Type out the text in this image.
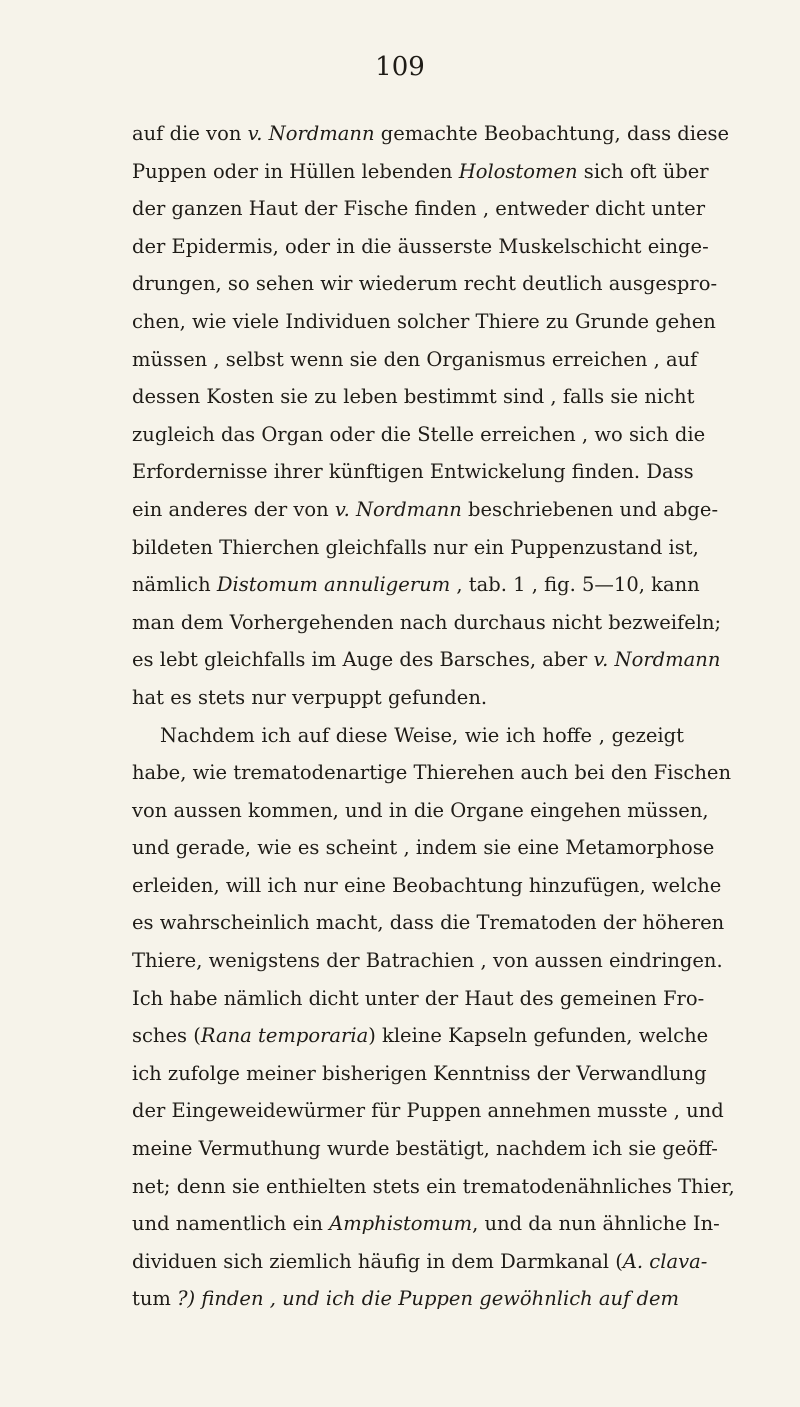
109
auf die von v. Nordmann gemachte Beobachtung, dass diese
Puppen oder in Hüllen lebenden Holostomen sich oft über
der ganzen Haut der Fische finden , entweder dicht unter
der Epidermis, oder in die äusserste Muskelschicht einge-
drungen, so sehen wir wiederum recht deutlich ausgespro-
chen, wie viele Individuen solcher Thiere zu Grunde gehen
müssen , selbst wenn sie den Organismus erreichen , auf
dessen Kosten sie zu leben bestimmt sind , falls sie nicht
zugleich das Organ oder die Stelle erreichen , wo sich die
Erfordernisse ihrer künftigen Entwickelung finden. Dass
ein anderes der von v. Nordmann beschriebenen und abge-
bildeten Thierchen gleichfalls nur ein Puppenzustand ist,
nämlich Distomum annuligerum , tab. 1 , fig. 5—10, kann
man dem Vorhergehenden nach durchaus nicht bezweifeln;
es lebt gleichfalls im Auge des Barsches, aber v. Nordmann
hat es stets nur verpuppt gefunden.
Nachdem ich auf diese Weise, wie ich hoffe , gezeigt
habe, wie trematodenartige Thierehen auch bei den Fischen
von aussen kommen, und in die Organe eingehen müssen,
und gerade, wie es scheint , indem sie eine Metamorphose
erleiden, will ich nur eine Beobachtung hinzufügen, welche
es wahrscheinlich macht, dass die Trematoden der höheren
Thiere, wenigstens der Batrachien , von aussen eindringen.
Ich habe nämlich dicht unter der Haut des gemeinen Fro-
sches (Rana temporaria) kleine Kapseln gefunden, welche
ich zufolge meiner bisherigen Kenntniss der Verwandlung
der Eingeweidewürmer für Puppen annehmen musste , und
meine Vermuthung wurde bestätigt, nachdem ich sie geöff-
net; denn sie enthielten stets ein trematodenähnliches Thier,
und namentlich ein Amphistomum, und da nun ähnliche In-
dividuen sich ziemlich häufig in dem Darmkanal (A. clava-
tum ?) finden , und ich die Puppen gewöhnlich auf dem
